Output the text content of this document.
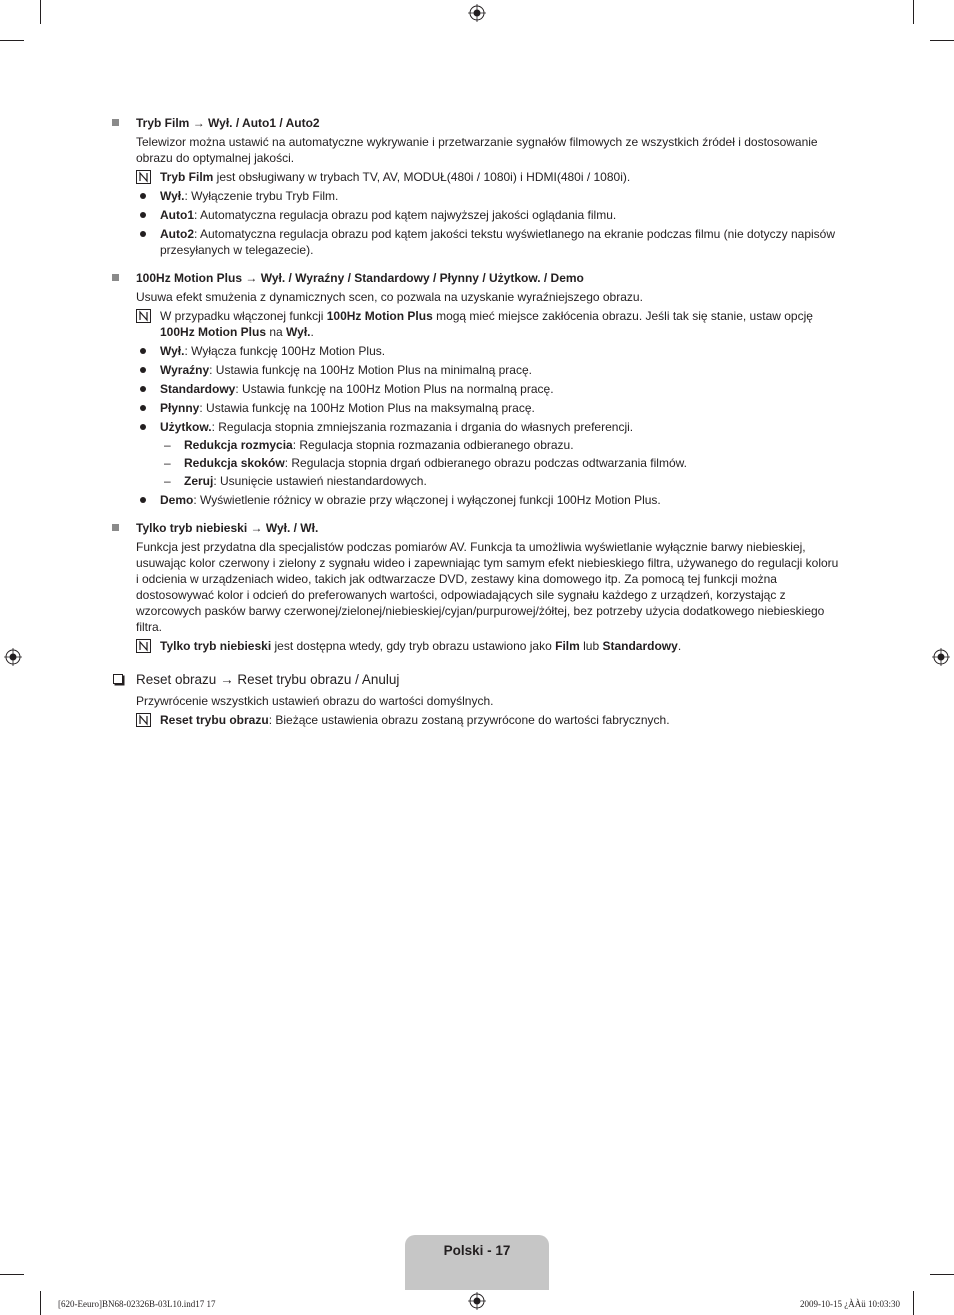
Tryb Film → Wył. / Auto1 / Auto2
Telewizor można ustawić na automatyczne wykrywanie i przetwarzanie sygnałów filmowych ze wszystkich źródeł i dostosowanie obrazu do optymalnej jakości.
Tryb Film jest obsługiwany w trybach TV, AV, MODUŁ(480i / 1080i) i HDMI(480i / 1080i).
Wył.: Wyłączenie trybu Tryb Film.
Auto1: Automatyczna regulacja obrazu pod kątem najwyższej jakości oglądania filmu.
Auto2: Automatyczna regulacja obrazu pod kątem jakości tekstu wyświetlanego na ekranie podczas filmu (nie dotyczy napisów przesyłanych w telegazecie).
100Hz Motion Plus → Wył. / Wyraźny / Standardowy / Płynny / Użytkow. / Demo
Usuwa efekt smużenia z dynamicznych scen, co pozwala na uzyskanie wyraźniejszego obrazu.
W przypadku włączonej funkcji 100Hz Motion Plus mogą mieć miejsce zakłócenia obrazu. Jeśli tak się stanie, ustaw opcję 100Hz Motion Plus na Wył..
Wył.: Wyłącza funkcję 100Hz Motion Plus.
Wyraźny: Ustawia funkcję na 100Hz Motion Plus na minimalną pracę.
Standardowy: Ustawia funkcję na 100Hz Motion Plus na normalną pracę.
Płynny: Ustawia funkcję na 100Hz Motion Plus na maksymalną pracę.
Użytkow.: Regulacja stopnia zmniejszania rozmazania i drgania do własnych preferencji.
– Redukcja rozmycia: Regulacja stopnia rozmazania odbieranego obrazu.
– Redukcja skoków: Regulacja stopnia drgań odbieranego obrazu podczas odtwarzania filmów.
– Zeruj: Usunięcie ustawień niestandardowych.
Demo: Wyświetlenie różnicy w obrazie przy włączonej i wyłączonej funkcji 100Hz Motion Plus.
Tylko tryb niebieski → Wył. / Wł.
Funkcja jest przydatna dla specjalistów podczas pomiarów AV. Funkcja ta umożliwia wyświetlanie wyłącznie barwy niebieskiej, usuwając kolor czerwony i zielony z sygnału wideo i zapewniając tym samym efekt niebieskiego filtra, używanego do regulacji koloru i odcienia w urządzeniach wideo, takich jak odtwarzacze DVD, zestawy kina domowego itp. Za pomocą tej funkcji można dostosowywać kolor i odcień do preferowanych wartości, odpowiadających sile sygnału każdego z urządzeń, korzystając z wzorcowych pasków barwy czerwonej/zielonej/niebieskiej/cyjan/purpurowej/żółtej, bez potrzeby użycia dodatkowego niebieskiego filtra.
Tylko tryb niebieski jest dostępna wtedy, gdy tryb obrazu ustawiono jako Film lub Standardowy.
Reset obrazu → Reset trybu obrazu / Anuluj
Przywrócenie wszystkich ustawień obrazu do wartości domyślnych.
Reset trybu obrazu: Bieżące ustawienia obrazu zostaną przywrócone do wartości fabrycznych.
Polski - 17
[620-Eeuro]BN68-02326B-03L10.ind17 17	2009-10-15 ¿ÀÀü 10:03:30
